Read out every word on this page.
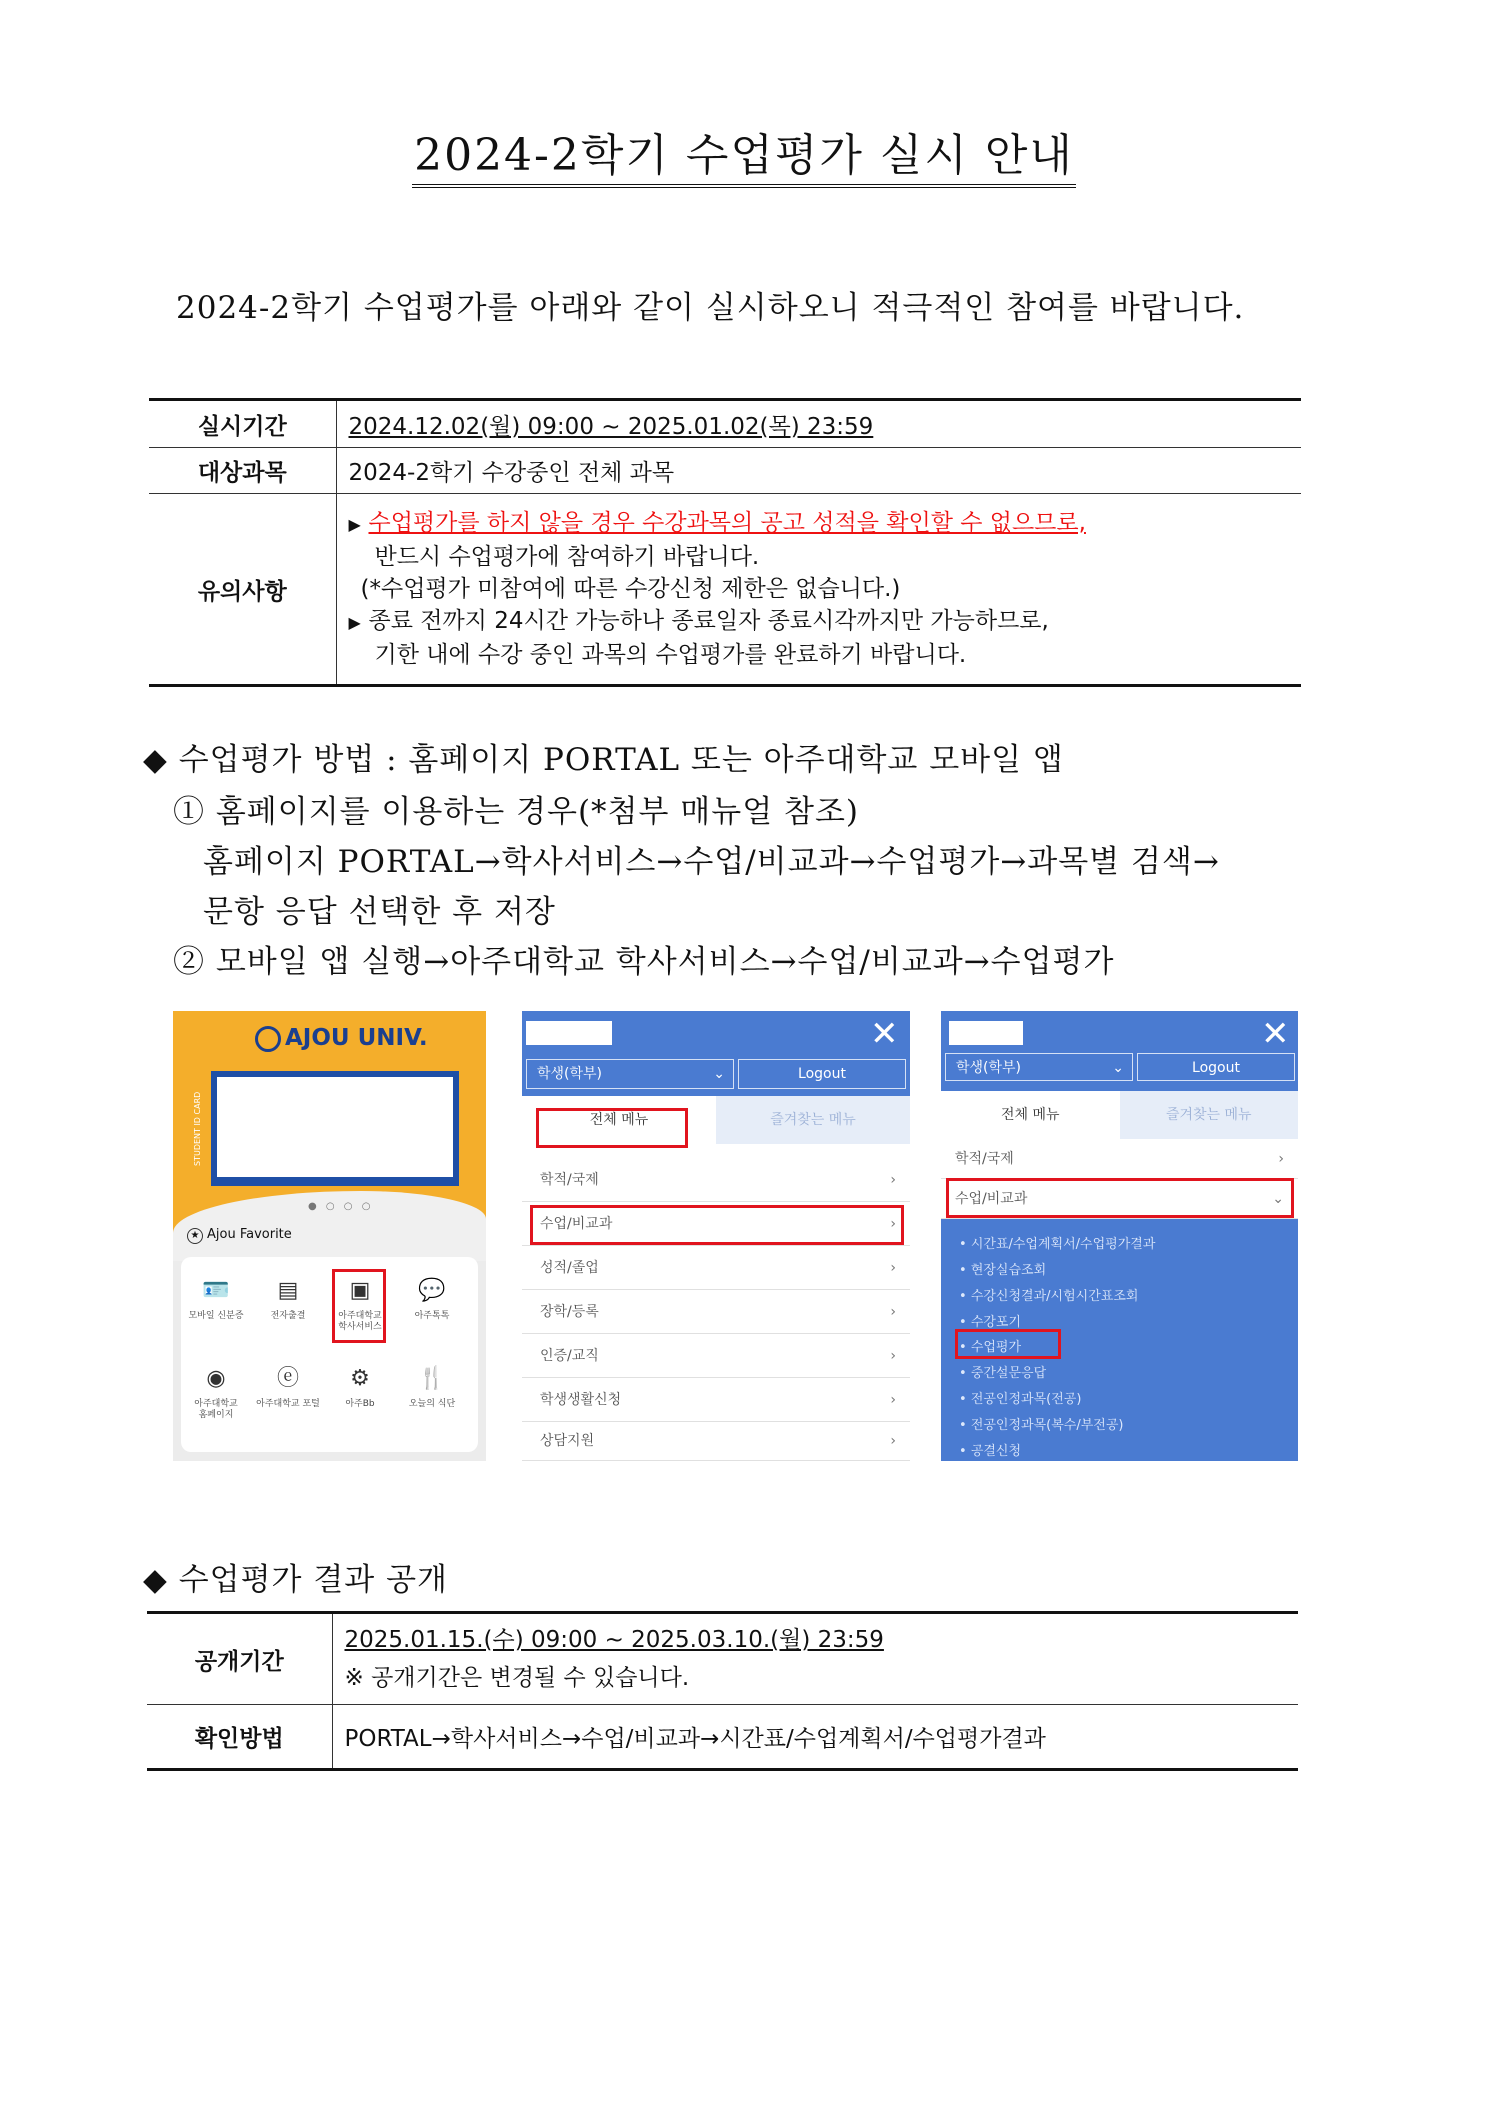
2024-2학기 수업평가 실시 안내
2024-2학기 수업평가를 아래와 같이 실시하오니 적극적인 참여를 바랍니다.
실시기간	2024.12.02(월) 09:00 ~ 2025.01.02(목) 23:59
대상과목	2024-2학기 수강중인 전체 과목
유의사항	▶ 수업평가를 하지 않을 경우 수강과목의 공고 성적을 확인할 수 없으므로,
반드시 수업평가에 참여하기 바랍니다.
(*수업평가 미참여에 따른 수강신청 제한은 없습니다.)
▶ 종료 전까지 24시간 가능하나 종료일자 종료시각까지만 가능하므로,
기한 내에 수강 중인 과목의 수업평가를 완료하기 바랍니다.
◆ 수업평가 방법 : 홈페이지 PORTAL 또는 아주대학교 모바일 앱
① 홈페이지를 이용하는 경우(*첨부 매뉴얼 참조)
홈페이지 PORTAL→학사서비스→수업/비교과→수업평가→과목별 검색→
문항 응답 선택한 후 저장
② 모바일 앱 실행→아주대학교 학사서비스→수업/비교과→수업평가
AJOU UNIV.
STUDENT ID CARD
● ○ ○ ○
★ Ajou Favorite
🪪
모바일 신분증
▤
전자출결
▣
아주대학교
학사서비스
💬
아주톡톡
◉
아주대학교
홈페이지
ⓔ
아주대학교 포털
⚙
아주Bb
🍴
오늘의 식단
✕
학생(학부)	⌄	Logout
전체 메뉴	즐겨찾는 메뉴
학적/국제	›
수업/비교과	›
성적/졸업	›
장학/등록	›
인증/교직	›
학생생활신청	›
상담지원	›
✕
학생(학부)	⌄	Logout
전체 메뉴	즐겨찾는 메뉴
학적/국제	›
수업/비교과	⌄
• 시간표/수업계획서/수업평가결과
• 현장실습조회
• 수강신청결과/시험시간표조회
• 수강포기
• 수업평가
• 중간설문응답
• 전공인정과목(전공)
• 전공인정과목(복수/부전공)
• 공결신청
◆ 수업평가 결과 공개
공개기간	2025.01.15.(수) 09:00 ~ 2025.03.10.(월) 23:59
※ 공개기간은 변경될 수 있습니다.

확인방법	PORTAL→학사서비스→수업/비교과→시간표/수업계획서/수업평가결과
